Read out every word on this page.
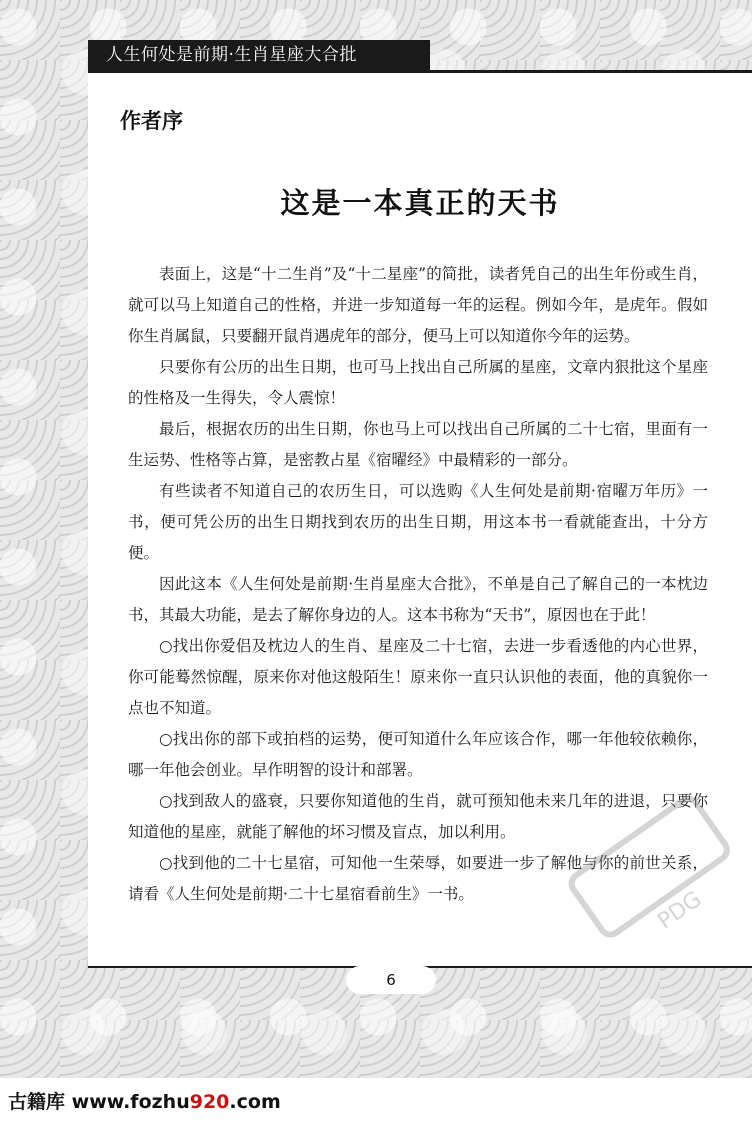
人生何处是前期·生肖星座大合批
作者序
这是一本真正的天书

表面上，这是“十二生肖”及“十二星座”的简批，读者凭自己的出生年份或生肖，就可以马上知道自己的性格，并进一步知道每一年的运程。例如今年，是虎年。假如你生肖属鼠，只要翻开鼠肖遇虎年的部分，便马上可以知道你今年的运势。

只要你有公历的出生日期，也可马上找出自己所属的星座，文章内狠批这个星座的性格及一生得失，令人震惊！

最后，根据农历的出生日期，你也马上可以找出自己所属的二十七宿，里面有一生运势、性格等占算，是密教占星《宿曜经》中最精彩的一部分。

有些读者不知道自己的农历生日，可以选购《人生何处是前期·宿曜万年历》一书，便可凭公历的出生日期找到农历的出生日期，用这本书一看就能查出，十分方便。

因此这本《人生何处是前期·生肖星座大合批》，不单是自己了解自己的一本枕边书，其最大功能，是去了解你身边的人。这本书称为“天书”，原因也在于此！

○找出你爱侣及枕边人的生肖、星座及二十七宿，去进一步看透他的内心世界，你可能蓦然惊醒，原来你对他这般陌生！原来你一直只认识他的表面，他的真貌你一点也不知道。

○找出你的部下或拍档的运势，便可知道什么年应该合作，哪一年他较依赖你，哪一年他会创业。早作明智的设计和部署。

○找到敌人的盛衰，只要你知道他的生肖，就可预知他未来几年的进退，只要你知道他的星座，就能了解他的坏习惯及盲点，加以利用。

○找到他的二十七星宿，可知他一生荣辱，如要进一步了解他与你的前世关系，请看《人生何处是前期·二十七星宿看前生》一书。	PDG
6
古籍库 www.fozhu920.com
